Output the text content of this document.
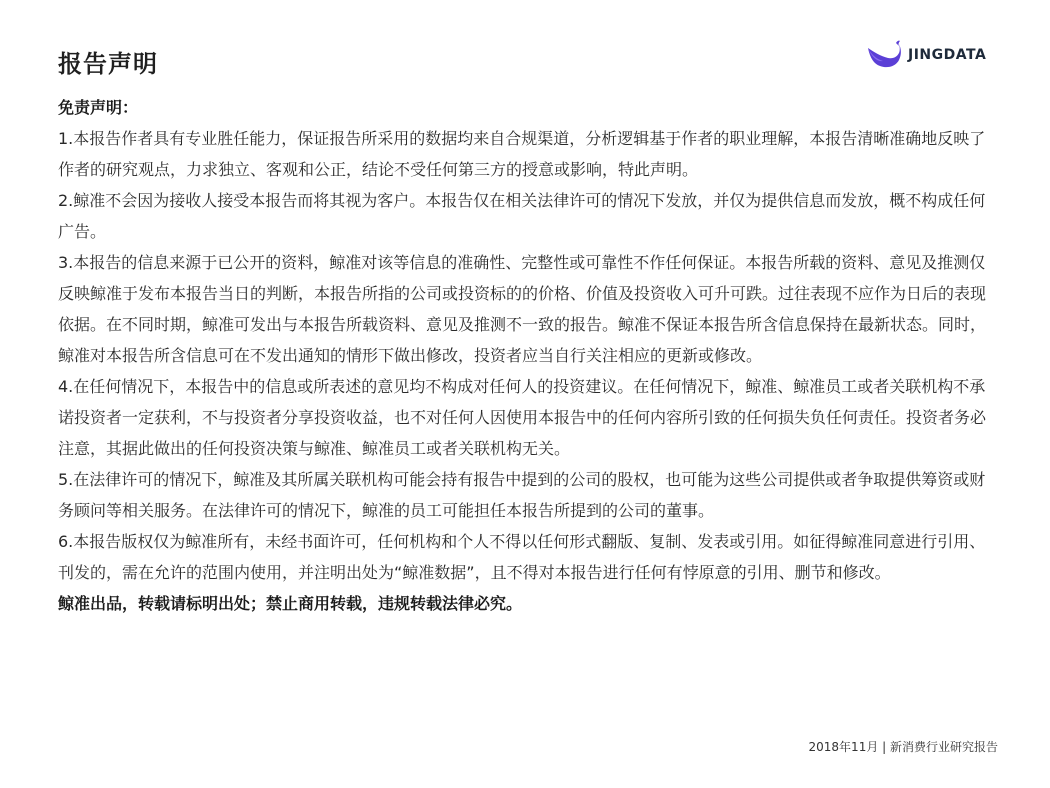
报告声明	JINGDATA

免责声明：

1.本报告作者具有专业胜任能力，保证报告所采用的数据均来自合规渠道，分析逻辑基于作者的职业理解，本报告清晰准确地反映了作者的研究观点，力求独立、客观和公正，结论不受任何第三方的授意或影响，特此声明。

2.鲸准不会因为接收人接受本报告而将其视为客户。本报告仅在相关法律许可的情况下发放，并仅为提供信息而发放，概不构成任何广告。

3.本报告的信息来源于已公开的资料，鲸准对该等信息的准确性、完整性或可靠性不作任何保证。本报告所载的资料、意见及推测仅反映鲸准于发布本报告当日的判断，本报告所指的公司或投资标的的价格、价值及投资收入可升可跌。过往表现不应作为日后的表现依据。在不同时期，鲸准可发出与本报告所载资料、意见及推测不一致的报告。鲸准不保证本报告所含信息保持在最新状态。同时，鲸准对本报告所含信息可在不发出通知的情形下做出修改，投资者应当自行关注相应的更新或修改。

4.在任何情况下，本报告中的信息或所表述的意见均不构成对任何人的投资建议。在任何情况下，鲸准、鲸准员工或者关联机构不承诺投资者一定获利，不与投资者分享投资收益，也不对任何人因使用本报告中的任何内容所引致的任何损失负任何责任。投资者务必注意，其据此做出的任何投资决策与鲸准、鲸准员工或者关联机构无关。

5.在法律许可的情况下，鲸准及其所属关联机构可能会持有报告中提到的公司的股权，也可能为这些公司提供或者争取提供筹资或财务顾问等相关服务。在法律许可的情况下，鲸准的员工可能担任本报告所提到的公司的董事。

6.本报告版权仅为鲸准所有，未经书面许可，任何机构和个人不得以任何形式翻版、复制、发表或引用。如征得鲸准同意进行引用、刊发的，需在允许的范围内使用，并注明出处为“鲸准数据”，且不得对本报告进行任何有悖原意的引用、删节和修改。

鲸准出品，转载请标明出处；禁止商用转载，违规转载法律必究。

2018年11月 | 新消费行业研究报告
